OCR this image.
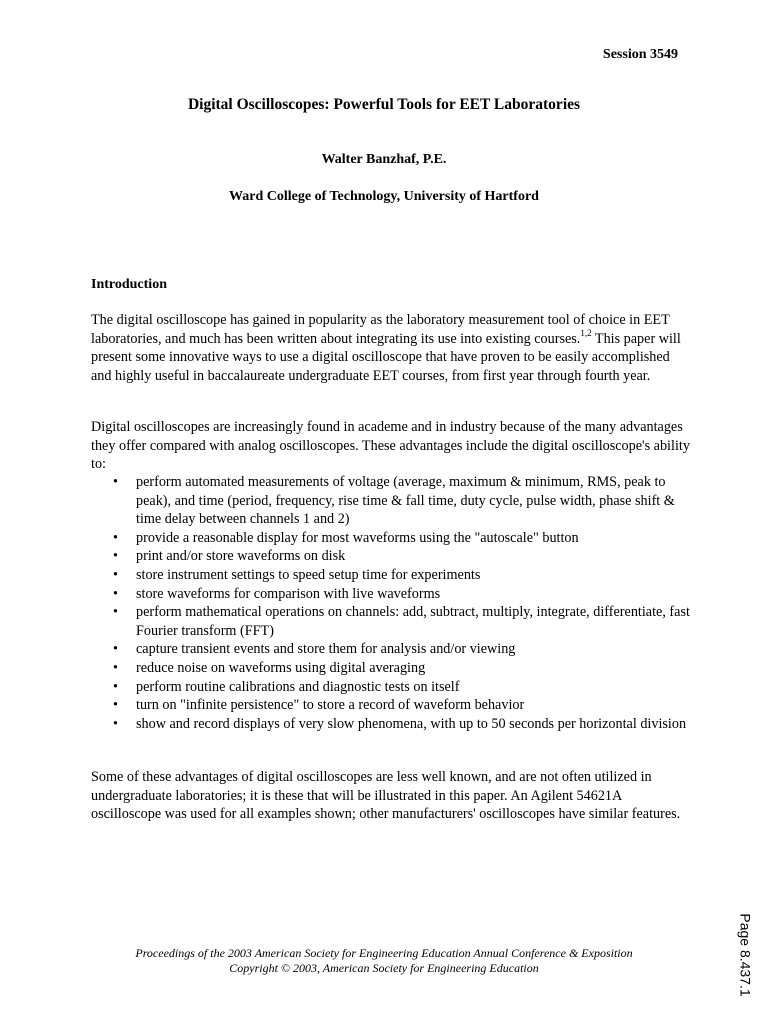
Session 3549
Digital Oscilloscopes: Powerful Tools for EET Laboratories
Walter Banzhaf, P.E.
Ward College of Technology, University of Hartford
Introduction
The digital oscilloscope has gained in popularity as the laboratory measurement tool of choice in EET laboratories, and much has been written about integrating its use into existing courses.$^{1,2}$ This paper will present some innovative ways to use a digital oscilloscope that have proven to be easily accomplished and highly useful in baccalaureate undergraduate EET courses, from first year through fourth year.
Digital oscilloscopes are increasingly found in academe and in industry because of the many advantages they offer compared with analog oscilloscopes. These advantages include the digital oscilloscope's ability to:
• perform automated measurements of voltage (average, maximum & minimum, RMS, peak to peak), and time (period, frequency, rise time & fall time, duty cycle, pulse width, phase shift & time delay between channels 1 and 2)
• provide a reasonable display for most waveforms using the "autoscale" button
• print and/or store waveforms on disk
• store instrument settings to speed setup time for experiments
• store waveforms for comparison with live waveforms
• perform mathematical operations on channels: add, subtract, multiply, integrate, differentiate, fast Fourier transform (FFT)
• capture transient events and store them for analysis and/or viewing
• reduce noise on waveforms using digital averaging
• perform routine calibrations and diagnostic tests on itself
• turn on "infinite persistence" to store a record of waveform behavior
• show and record displays of very slow phenomena, with up to 50 seconds per horizontal division
Some of these advantages of digital oscilloscopes are less well known, and are not often utilized in undergraduate laboratories; it is these that will be illustrated in this paper. An Agilent 54621A oscilloscope was used for all examples shown; other manufacturers' oscilloscopes have similar features.
Proceedings of the 2003 American Society for Engineering Education Annual Conference & Exposition
Copyright © 2003, American Society for Engineering Education	Page 8.437.1
